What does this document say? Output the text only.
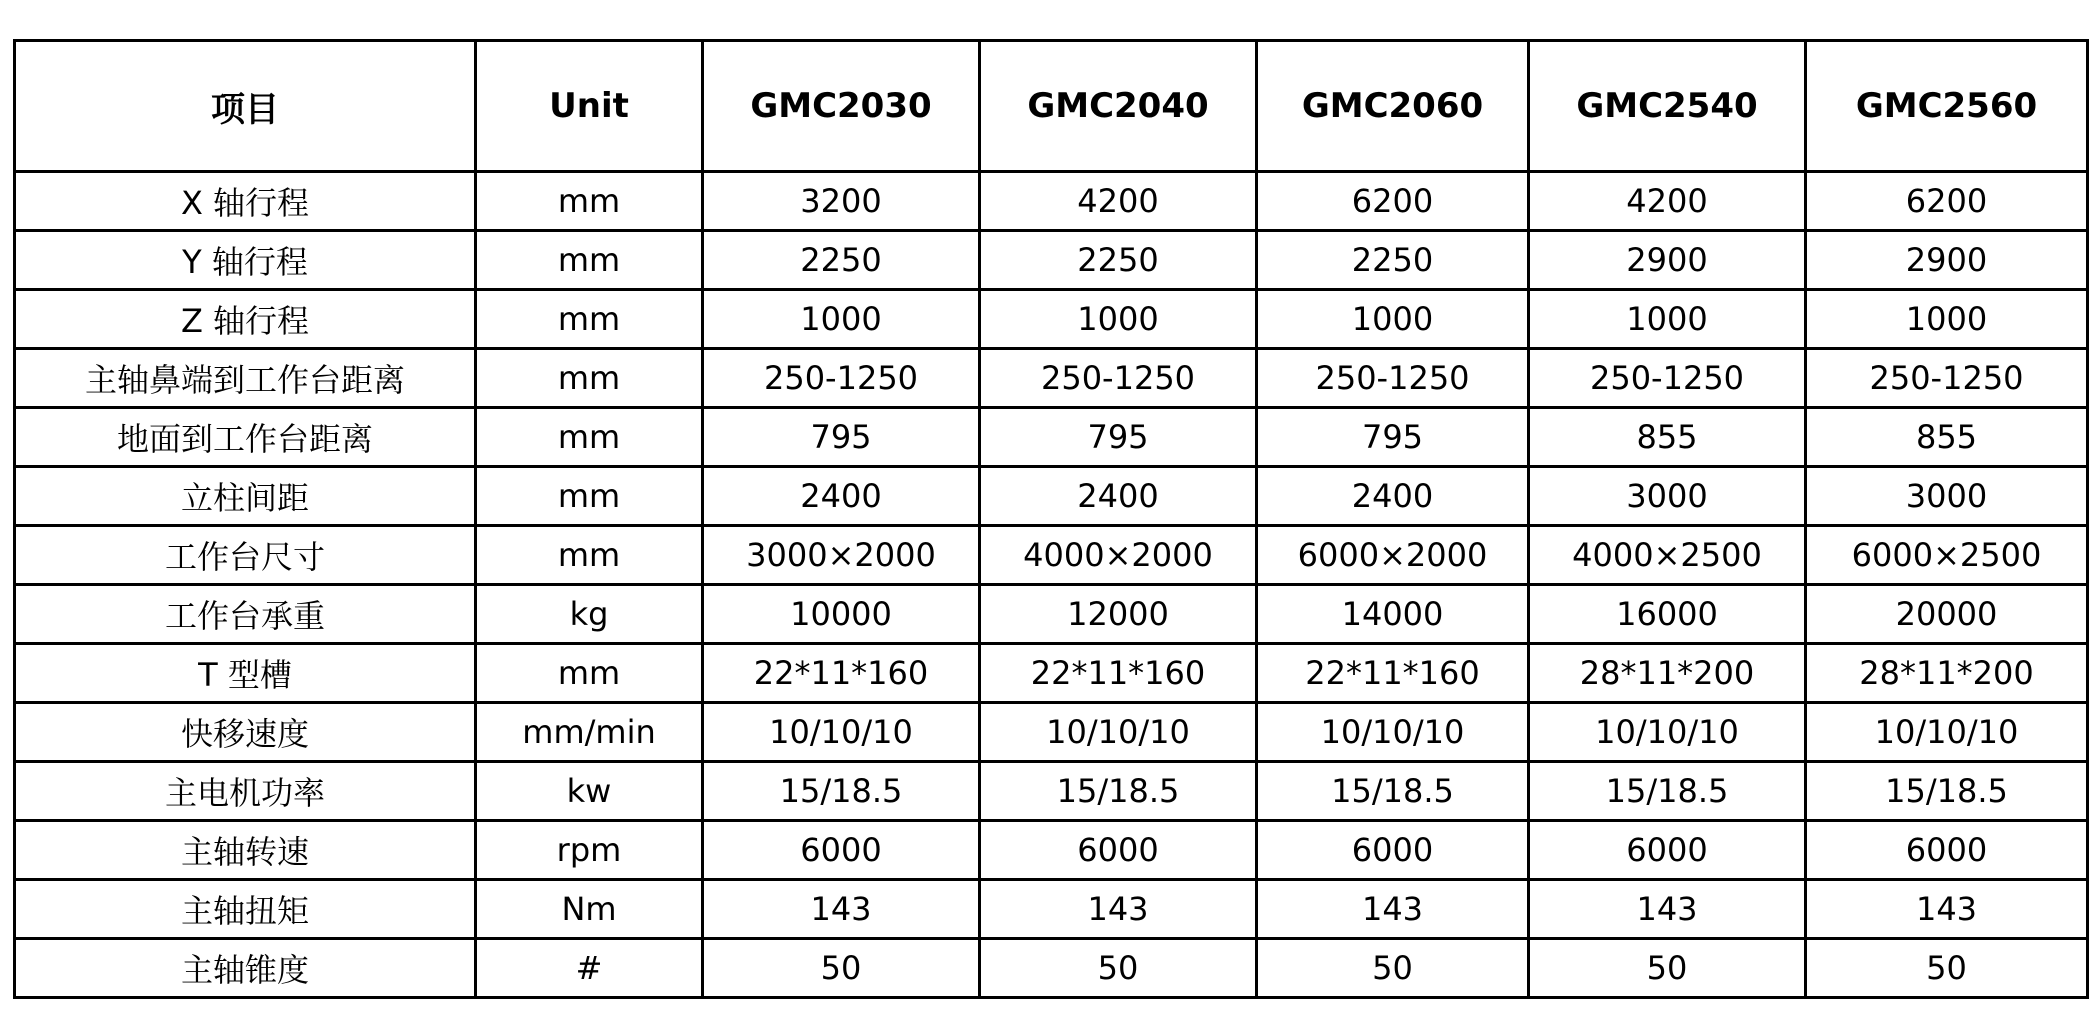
项目	Unit	GMC2030	GMC2040	GMC2060	GMC2540	GMC2560
X 轴行程	mm	3200	4200	6200	4200	6200
Y 轴行程	mm	2250	2250	2250	2900	2900
Z 轴行程	mm	1000	1000	1000	1000	1000
主轴鼻端到工作台距离	mm	250-1250	250-1250	250-1250	250-1250	250-1250
地面到工作台距离	mm	795	795	795	855	855
立柱间距	mm	2400	2400	2400	3000	3000
工作台尺寸	mm	3000×2000	4000×2000	6000×2000	4000×2500	6000×2500
工作台承重	kg	10000	12000	14000	16000	20000
T 型槽	mm	22*11*160	22*11*160	22*11*160	28*11*200	28*11*200
快移速度	mm/min	10/10/10	10/10/10	10/10/10	10/10/10	10/10/10
主电机功率	kw	15/18.5	15/18.5	15/18.5	15/18.5	15/18.5
主轴转速	rpm	6000	6000	6000	6000	6000
主轴扭矩	Nm	143	143	143	143	143
主轴锥度	#	50	50	50	50	50
